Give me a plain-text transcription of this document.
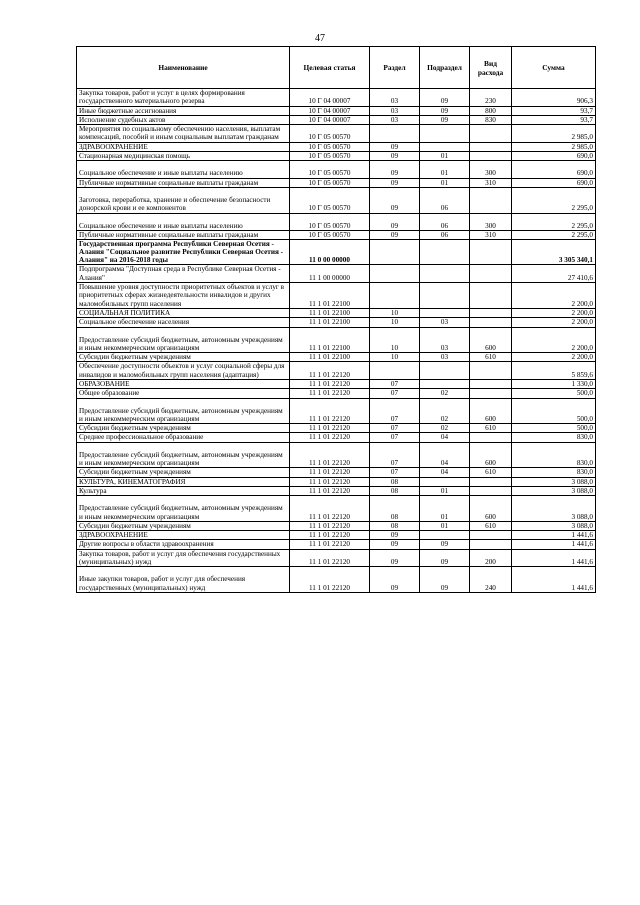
47
Наименование	Целевая статья	Раздел	Подраздел	Вид расхода	Сумма
Закупка товаров, работ и услуг в целях формирования государственного материального резерва	10 Г 04 00007	03	09	230	906,3
Иные бюджетные ассигнования	10 Г 04 00007	03	09	800	93,7
Исполнение судебных актов	10 Г 04 00007	03	09	830	93,7
Мероприятия по социальному обеспечению населения, выплатам компенсаций, пособий и иным социальным выплатам гражданам	10 Г 05 00570				2 985,0
ЗДРАВООХРАНЕНИЕ	10 Г 05 00570	09			2 985,0
Стационарная медицинская помощь	10 Г 05 00570	09	01		690,0
Социальное обеспечение и иные выплаты населению	10 Г 05 00570	09	01	300	690,0
Публичные нормативные социальные выплаты гражданам	10 Г 05 00570	09	01	310	690,0
Заготовка, переработка, хранение и обеспечение безопасности донорской крови и ее компонентов	10 Г 05 00570	09	06		2 295,0
Социальное обеспечение и иные выплаты населению	10 Г 05 00570	09	06	300	2 295,0
Публичные нормативные социальные выплаты гражданам	10 Г 05 00570	09	06	310	2 295,0
Государственная программа Республики Северная Осетия - Алания "Социальное развитие Республики Северная Осетия - Алания" на 2016-2018 годы	11 0 00 00000				3 305 340,1
Подпрограмма "Доступная среда в Республике Северная Осетия - Алания"	11 1 00 00000				27 410,6
Повышение уровня доступности приоритетных объектов и услуг в приоритетных сферах жизнедеятельности инвалидов и других маломобильных групп населения	11 1 01 22100				2 200,0
СОЦИАЛЬНАЯ ПОЛИТИКА	11 1 01 22100	10			2 200,0
Социальное обеспечение населения	11 1 01 22100	10	03		2 200,0
Предоставление субсидий бюджетным, автономным учреждениям и иным некоммерческим организациям	11 1 01 22100	10	03	600	2 200,0
Субсидии бюджетным учреждениям	11 1 01 22100	10	03	610	2 200,0
Обеспечение доступности объектов и услуг социальной сферы для инвалидов и маломобильных групп населения (адаптация)	11 1 01 22120				5 859,6
ОБРАЗОВАНИЕ	11 1 01 22120	07			1 330,0
Общее образование	11 1 01 22120	07	02		500,0
Предоставление субсидий бюджетным, автономным учреждениям и иным некоммерческим организациям	11 1 01 22120	07	02	600	500,0
Субсидии бюджетным учреждениям	11 1 01 22120	07	02	610	500,0
Среднее профессиональное образование	11 1 01 22120	07	04		830,0
Предоставление субсидий бюджетным, автономным учреждениям и иным некоммерческим организациям	11 1 01 22120	07	04	600	830,0
Субсидии бюджетным учреждениям	11 1 01 22120	07	04	610	830,0
КУЛЬТУРА, КИНЕМАТОГРАФИЯ	11 1 01 22120	08			3 088,0
Культура	11 1 01 22120	08	01		3 088,0
Предоставление субсидий бюджетным, автономным учреждениям и иным некоммерческим организациям	11 1 01 22120	08	01	600	3 088,0
Субсидии бюджетным учреждениям	11 1 01 22120	08	01	610	3 088,0
ЗДРАВООХРАНЕНИЕ	11 1 01 22120	09			1 441,6
Другие вопросы в области здравоохранения	11 1 01 22120	09	09		1 441,6
Закупка товаров, работ и услуг для обеспечения государственных (муниципальных) нужд	11 1 01 22120	09	09	200	1 441,6
Иные закупки товаров, работ и услуг для обеспечения государственных (муниципальных) нужд	11 1 01 22120	09	09	240	1 441,6
